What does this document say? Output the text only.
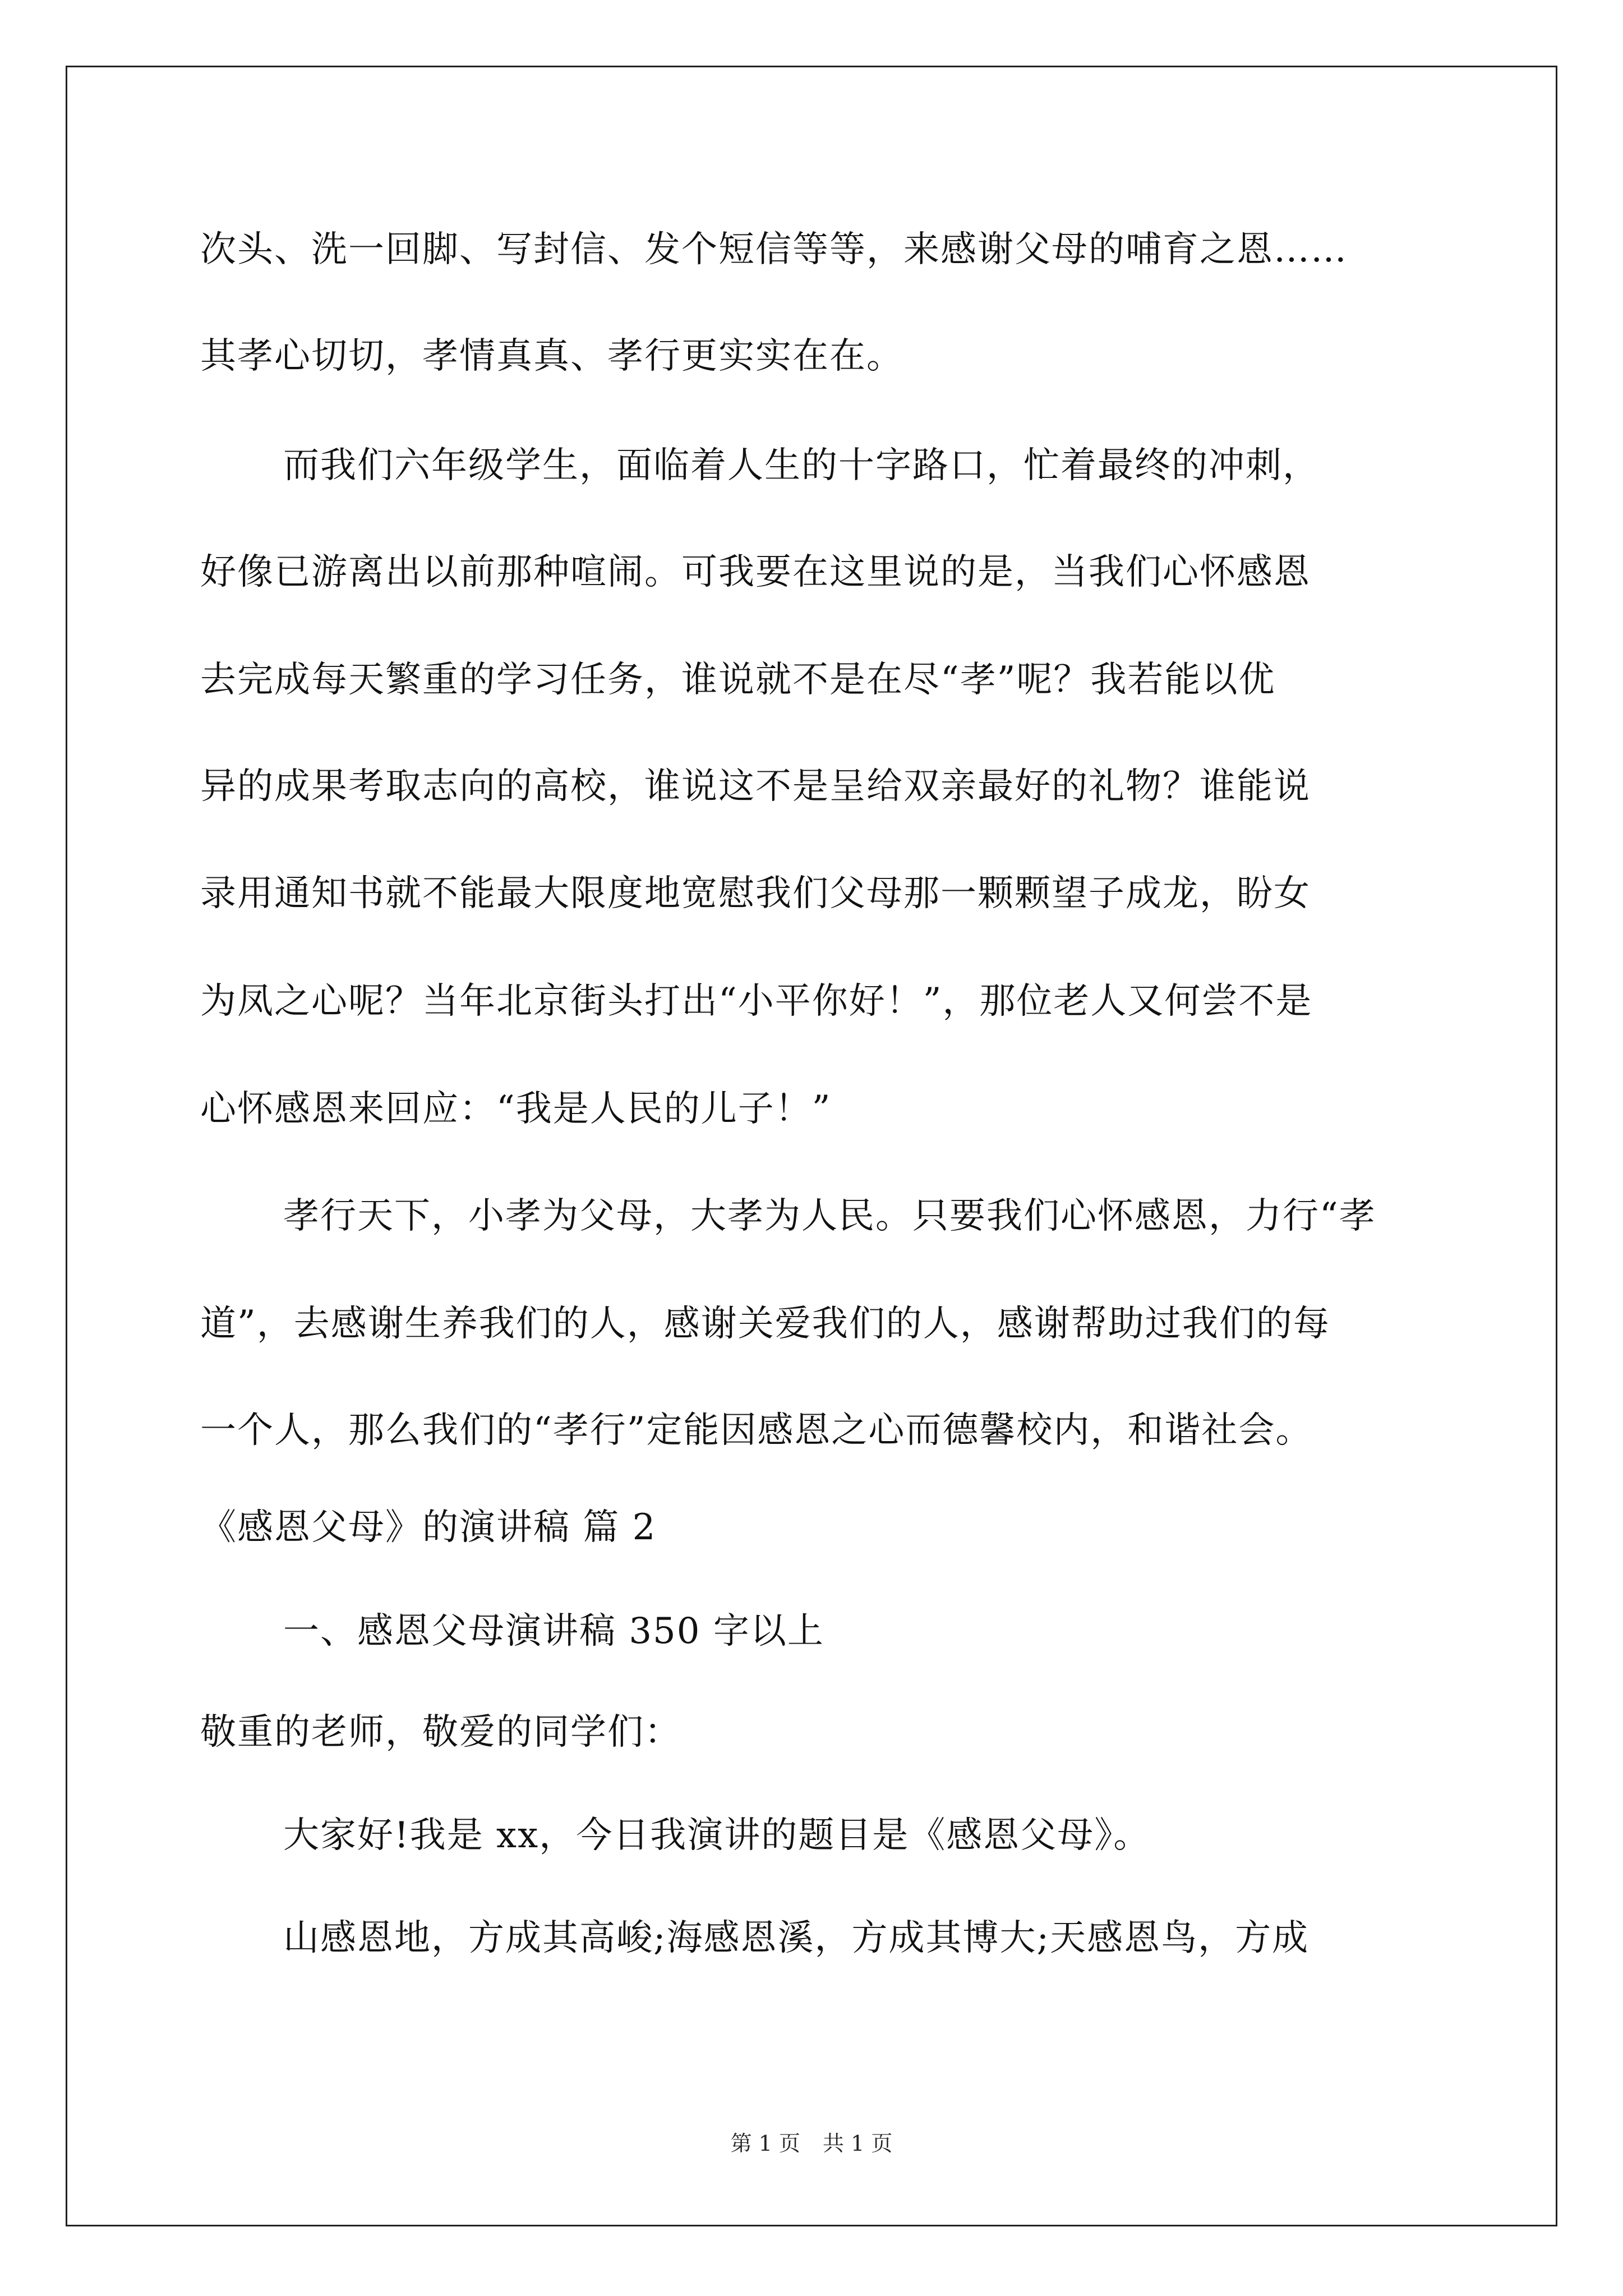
次头、洗一回脚、写封信、发个短信等等，来感谢父母的哺育之恩……
其孝心切切，孝情真真、孝行更实实在在。
而我们六年级学生，面临着人生的十字路口，忙着最终的冲刺，
好像已游离出以前那种喧闹。可我要在这里说的是，当我们心怀感恩
去完成每天繁重的学习任务，谁说就不是在尽“孝”呢？我若能以优
异的成果考取志向的高校，谁说这不是呈给双亲最好的礼物？谁能说
录用通知书就不能最大限度地宽慰我们父母那一颗颗望子成龙，盼女
为凤之心呢？当年北京街头打出“小平你好！”，那位老人又何尝不是
心怀感恩来回应：“我是人民的儿子！”
孝行天下，小孝为父母，大孝为人民。只要我们心怀感恩，力行“孝
道”，去感谢生养我们的人，感谢关爱我们的人，感谢帮助过我们的每
一个人，那么我们的“孝行”定能因感恩之心而德馨校内，和谐社会。
《感恩父母》的演讲稿 篇 2
一、感恩父母演讲稿 350 字以上
敬重的老师，敬爱的同学们：
大家好!我是 xx，今日我演讲的题目是《感恩父母》。
山感恩地，方成其高峻;海感恩溪，方成其博大;天感恩鸟，方成
第 1 页 共 1 页
